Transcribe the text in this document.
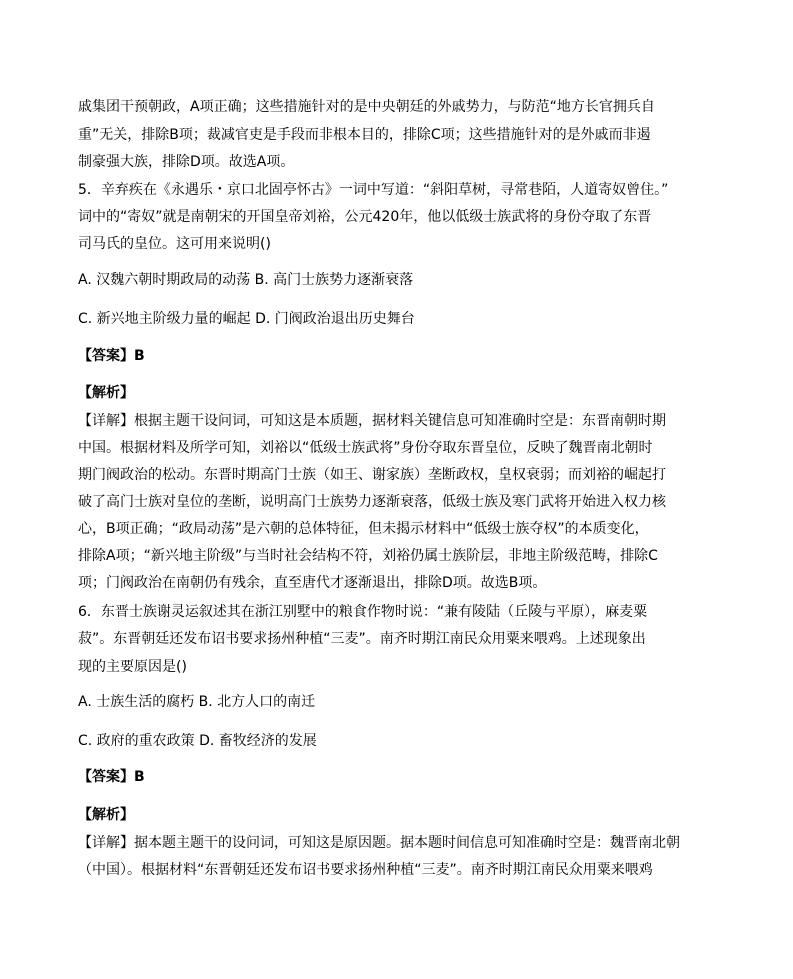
戚集团干预朝政，A项正确；这些措施针对的是中央朝廷的外戚势力，与防范“地方长官拥兵自
重”无关，排除B项；裁减官吏是手段而非根本目的，排除C项；这些措施针对的是外戚而非遏
制豪强大族，排除D项。故选A项。
5．辛弃疾在《永遇乐・京口北固亭怀古》一词中写道：“斜阳草树，寻常巷陌，人道寄奴曾住。”
词中的“寄奴”就是南朝宋的开国皇帝刘裕，公元420年，他以低级士族武将的身份夺取了东晋
司马氏的皇位。这可用来说明()
A. 汉魏六朝时期政局的动荡 B. 高门士族势力逐渐衰落
C. 新兴地主阶级力量的崛起 D. 门阀政治退出历史舞台
【答案】B
【解析】
【详解】根据主题干设问词，可知这是本质题，据材料关键信息可知准确时空是：东晋南朝时期
中国。根据材料及所学可知，刘裕以“低级士族武将”身份夺取东晋皇位，反映了魏晋南北朝时
期门阀政治的松动。东晋时期高门士族（如王、谢家族）垄断政权，皇权衰弱；而刘裕的崛起打
破了高门士族对皇位的垄断，说明高门士族势力逐渐衰落，低级士族及寒门武将开始进入权力核
心，B项正确；“政局动荡”是六朝的总体特征，但未揭示材料中“低级士族夺权”的本质变化，
排除A项；“新兴地主阶级”与当时社会结构不符，刘裕仍属士族阶层，非地主阶级范畴，排除C
项；门阀政治在南朝仍有残余，直至唐代才逐渐退出，排除D项。故选B项。
6．东晋士族谢灵运叙述其在浙江别墅中的粮食作物时说：“兼有陵陆（丘陵与平原），麻麦粟
菽”。东晋朝廷还发布诏书要求扬州种植“三麦”。南齐时期江南民众用粟来喂鸡。上述现象出
现的主要原因是()
A. 士族生活的腐朽 B. 北方人口的南迁
C. 政府的重农政策 D. 畜牧经济的发展
【答案】B
【解析】
【详解】据本题主题干的设问词，可知这是原因题。据本题时间信息可知准确时空是：魏晋南北朝
（中国）。根据材料“东晋朝廷还发布诏书要求扬州种植“三麦”。南齐时期江南民众用粟来喂鸡
